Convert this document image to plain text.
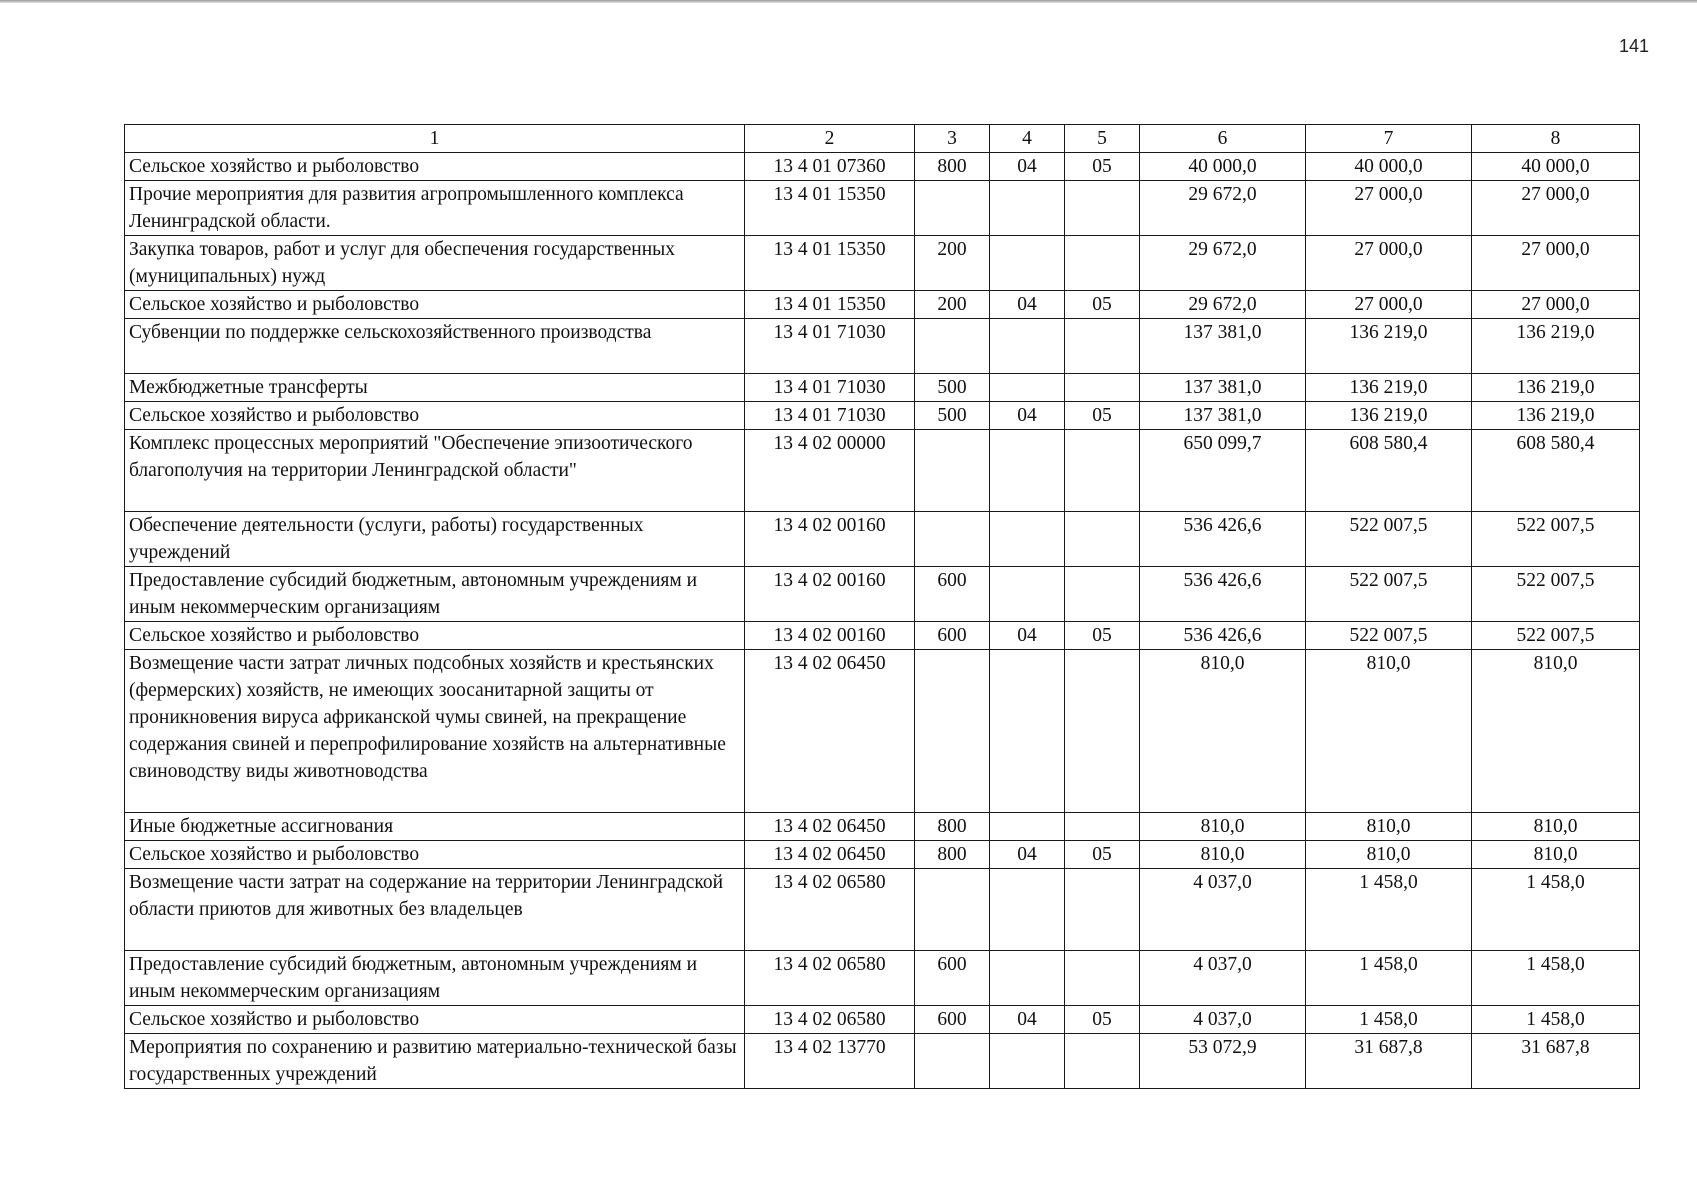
141
1	2	3	4	5	6	7	8
Сельское хозяйство и рыболовство	13 4 01 07360	800	04	05	40 000,0	40 000,0	40 000,0
Прочие мероприятия для развития агропромышленного комплекса Ленинградской области.	13 4 01 15350				29 672,0	27 000,0	27 000,0
Закупка товаров, работ и услуг для обеспечения государственных (муниципальных) нужд	13 4 01 15350	200			29 672,0	27 000,0	27 000,0
Сельское хозяйство и рыболовство	13 4 01 15350	200	04	05	29 672,0	27 000,0	27 000,0
Субвенции по поддержке сельскохозяйственного производства	13 4 01 71030				137 381,0	136 219,0	136 219,0
Межбюджетные трансферты	13 4 01 71030	500			137 381,0	136 219,0	136 219,0
Сельское хозяйство и рыболовство	13 4 01 71030	500	04	05	137 381,0	136 219,0	136 219,0
Комплекс процессных мероприятий "Обеспечение эпизоотического благополучия на территории Ленинградской области"	13 4 02 00000				650 099,7	608 580,4	608 580,4
Обеспечение деятельности (услуги, работы) государственных учреждений	13 4 02 00160				536 426,6	522 007,5	522 007,5
Предоставление субсидий бюджетным, автономным учреждениям и иным некоммерческим организациям	13 4 02 00160	600			536 426,6	522 007,5	522 007,5
Сельское хозяйство и рыболовство	13 4 02 00160	600	04	05	536 426,6	522 007,5	522 007,5
Возмещение части затрат личных подсобных хозяйств и крестьянских (фермерских) хозяйств, не имеющих зоосанитарной защиты от проникновения вируса африканской чумы свиней, на прекращение содержания свиней и перепрофилирование хозяйств на альтернативные свиноводству виды животноводства	13 4 02 06450				810,0	810,0	810,0
Иные бюджетные ассигнования	13 4 02 06450	800			810,0	810,0	810,0
Сельское хозяйство и рыболовство	13 4 02 06450	800	04	05	810,0	810,0	810,0
Возмещение части затрат на содержание на территории Ленинградской области приютов для животных без владельцев	13 4 02 06580				4 037,0	1 458,0	1 458,0
Предоставление субсидий бюджетным, автономным учреждениям и иным некоммерческим организациям	13 4 02 06580	600			4 037,0	1 458,0	1 458,0
Сельское хозяйство и рыболовство	13 4 02 06580	600	04	05	4 037,0	1 458,0	1 458,0
Мероприятия по сохранению и развитию материально-технической базы государственных учреждений	13 4 02 13770				53 072,9	31 687,8	31 687,8
